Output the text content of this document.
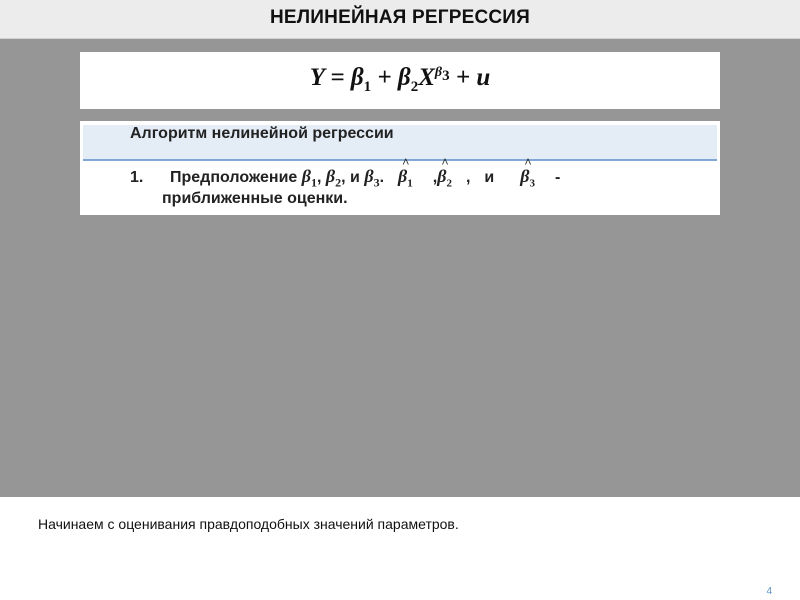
НЕЛИНЕЙНАЯ РЕГРЕССИЯ
$Y = \beta_1 + \beta_2X^{\beta_3} + u$
Алгоритм нелинейной регрессии
1. Предположение $\beta_1$, $\beta_2$, и $\beta_3.\^{}$ $\beta_1$ ,^ $\beta_2$ , и^ $\beta_3$ -
приближенные оценки.
Начинаем с оценивания правдоподобных значений параметров.
4
